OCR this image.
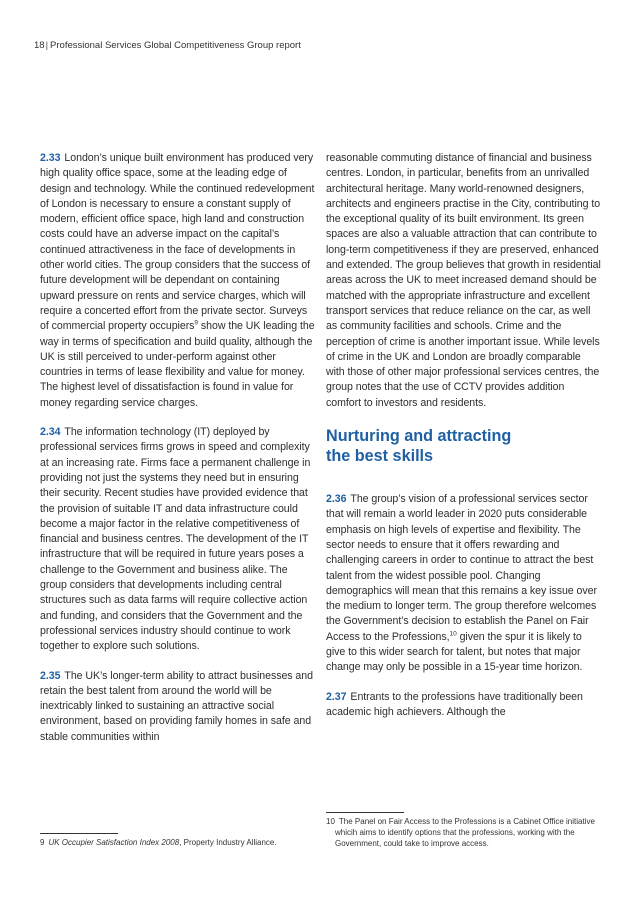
18| Professional Services Global Competitiveness Group report

2.33 London’s unique built environment has produced very high quality office space, some at the leading edge of design and technology. While the continued redevelopment of London is necessary to ensure a constant supply of modern, efficient office space, high land and construction costs could have an adverse impact on the capital’s continued attractiveness in the face of developments in other world cities. The group considers that the success of future development will be dependant on containing upward pressure on rents and service charges, which will require a concerted effort from the private sector. Surveys of commercial property occupiers$^9$ show the UK leading the way in terms of specification and build quality, although the UK is still perceived to under-perform against other countries in terms of lease flexibility and value for money. The highest level of dissatisfaction is found in value for money regarding service charges.

2.34 The information technology (IT) deployed by professional services firms grows in speed and complexity at an increasing rate. Firms face a permanent challenge in providing not just the systems they need but in ensuring their security. Recent studies have provided evidence that the provision of suitable IT and data infrastructure could become a major factor in the relative competitiveness of financial and business centres. The development of the IT infrastructure that will be required in future years poses a challenge to the Government and business alike. The group considers that developments including central structures such as data farms will require collective action and funding, and considers that the Government and the professional services industry should continue to work together to explore such solutions.

2.35 The UK’s longer-term ability to attract businesses and retain the best talent from around the world will be inextricably linked to sustaining an attractive social environment, based on providing family homes in safe and stable communities within

reasonable commuting distance of financial and business centres. London, in particular, benefits from an unrivalled architectural heritage. Many world-renowned designers, architects and engineers practise in the City, contributing to the exceptional quality of its built environment. Its green spaces are also a valuable attraction that can contribute to long-term competitiveness if they are preserved, enhanced and extended. The group believes that growth in residential areas across the UK to meet increased demand should be matched with the appropriate infrastructure and excellent transport services that reduce reliance on the car, as well as community facilities and schools. Crime and the perception of crime is another important issue. While levels of crime in the UK and London are broadly comparable with those of other major professional services centres, the group notes that the use of CCTV provides addition comfort to investors and residents.

Nurturing and attracting
the best skills

2.36 The group’s vision of a professional services sector that will remain a world leader in 2020 puts considerable emphasis on high levels of expertise and flexibility. The sector needs to ensure that it offers rewarding and challenging careers in order to continue to attract the best talent from the widest possible pool. Changing demographics will mean that this remains a key issue over the medium to longer term. The group therefore welcomes the Government’s decision to establish the Panel on Fair Access to the Professions,$^{10}$ given the spur it is likely to give to this wider search for talent, but notes that major change may only be possible in a 15-year time horizon.

2.37 Entrants to the professions have traditionally been academic high achievers. Although the

9 UK Occupier Satisfaction Index 2008, Property Industry Alliance.
10 The Panel on Fair Access to the Professions is a Cabinet Office initiative whicih aims to identify options that the professions, working with the Government, could take to improve access.
